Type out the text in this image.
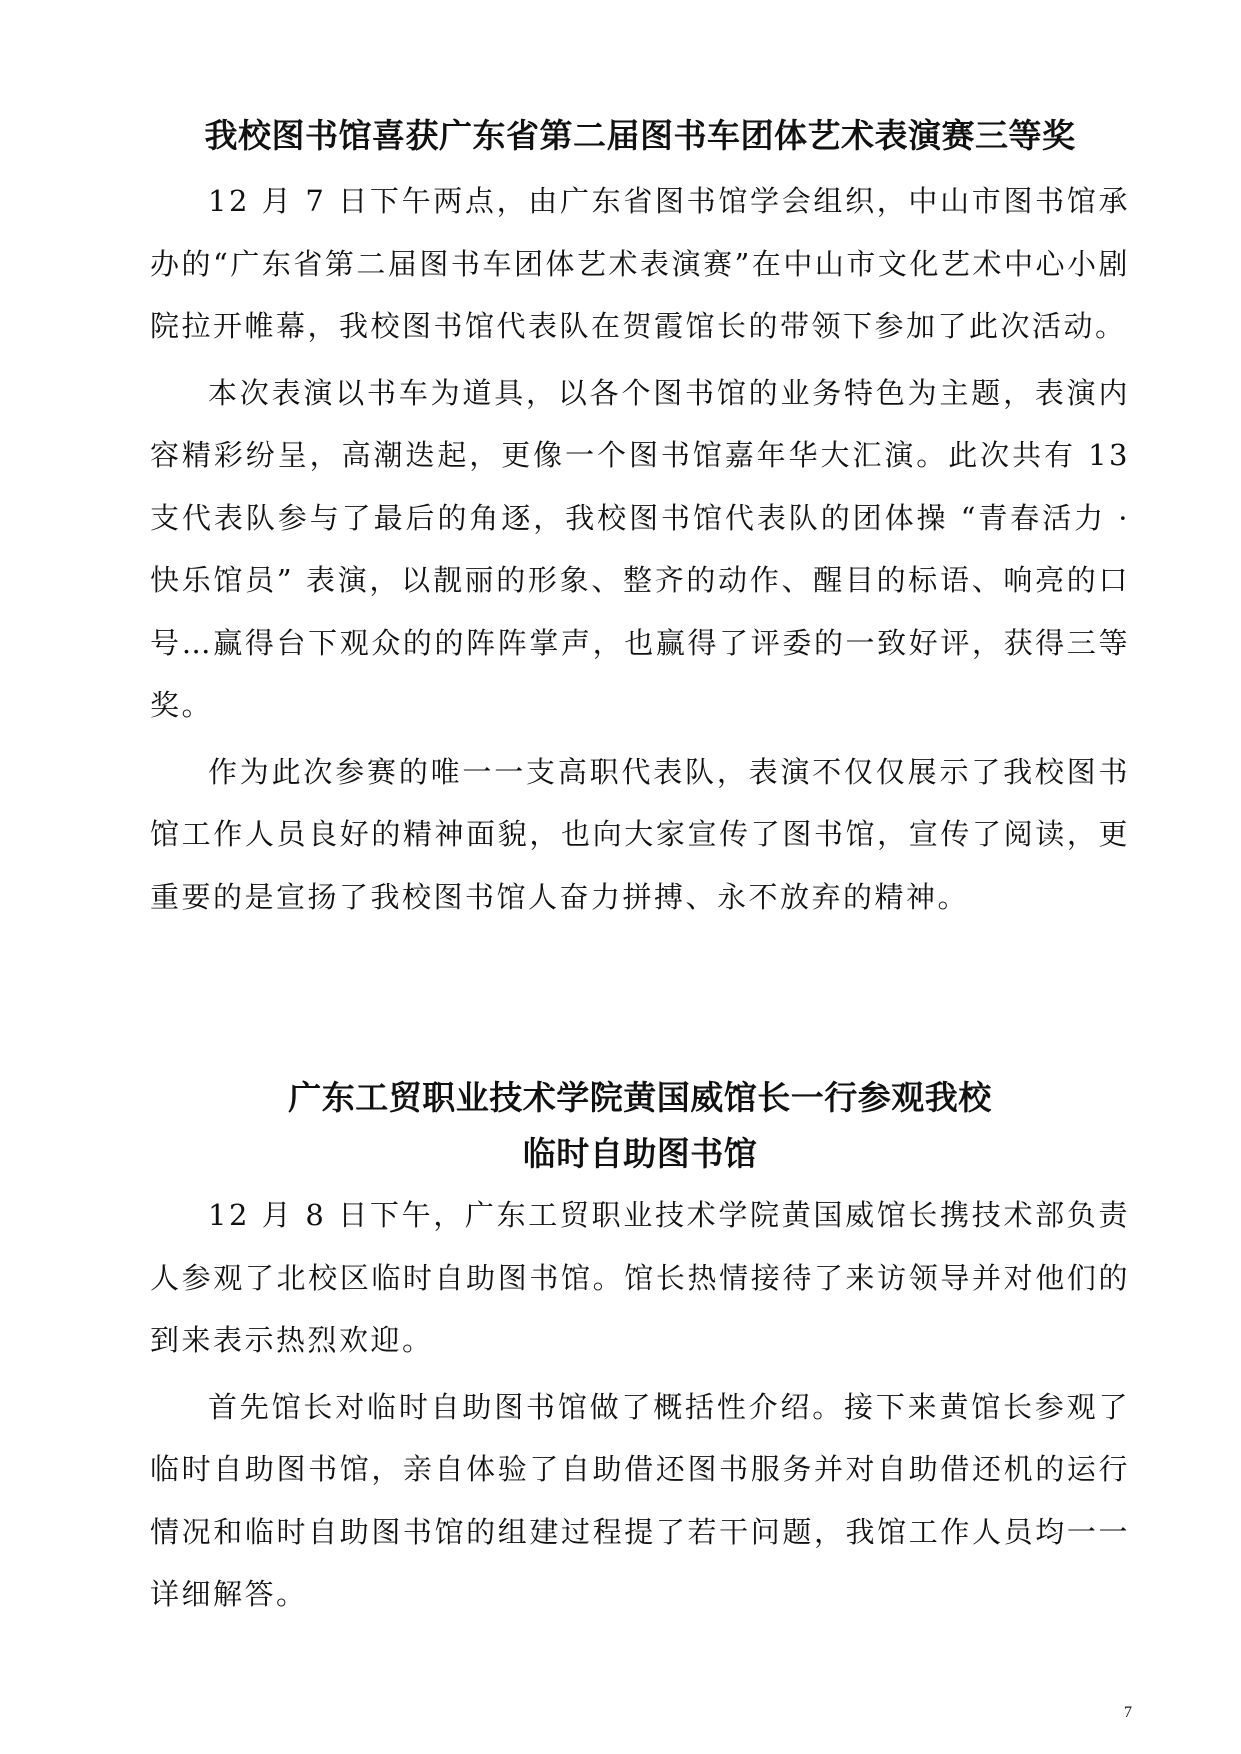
我校图书馆喜获广东省第二届图书车团体艺术表演赛三等奖

12 月 7 日下午两点，由广东省图书馆学会组织，中山市图书馆承办的“广东省第二届图书车团体艺术表演赛”在中山市文化艺术中心小剧院拉开帷幕，我校图书馆代表队在贺霞馆长的带领下参加了此次活动。

本次表演以书车为道具，以各个图书馆的业务特色为主题，表演内容精彩纷呈，高潮迭起，更像一个图书馆嘉年华大汇演。此次共有 13 支代表队参与了最后的角逐，我校图书馆代表队的团体操 “青春活力 · 快乐馆员” 表演，以靓丽的形象、整齐的动作、醒目的标语、响亮的口号…赢得台下观众的的阵阵掌声，也赢得了评委的一致好评，获得三等奖。

作为此次参赛的唯一一支高职代表队，表演不仅仅展示了我校图书馆工作人员良好的精神面貌，也向大家宣传了图书馆，宣传了阅读，更重要的是宣扬了我校图书馆人奋力拼搏、永不放弃的精神。

广东工贸职业技术学院黄国威馆长一行参观我校
临时自助图书馆

12 月 8 日下午，广东工贸职业技术学院黄国威馆长携技术部负责人参观了北校区临时自助图书馆。馆长热情接待了来访领导并对他们的到来表示热烈欢迎。

首先馆长对临时自助图书馆做了概括性介绍。接下来黄馆长参观了临时自助图书馆，亲自体验了自助借还图书服务并对自助借还机的运行情况和临时自助图书馆的组建过程提了若干问题，我馆工作人员均一一详细解答。

7
